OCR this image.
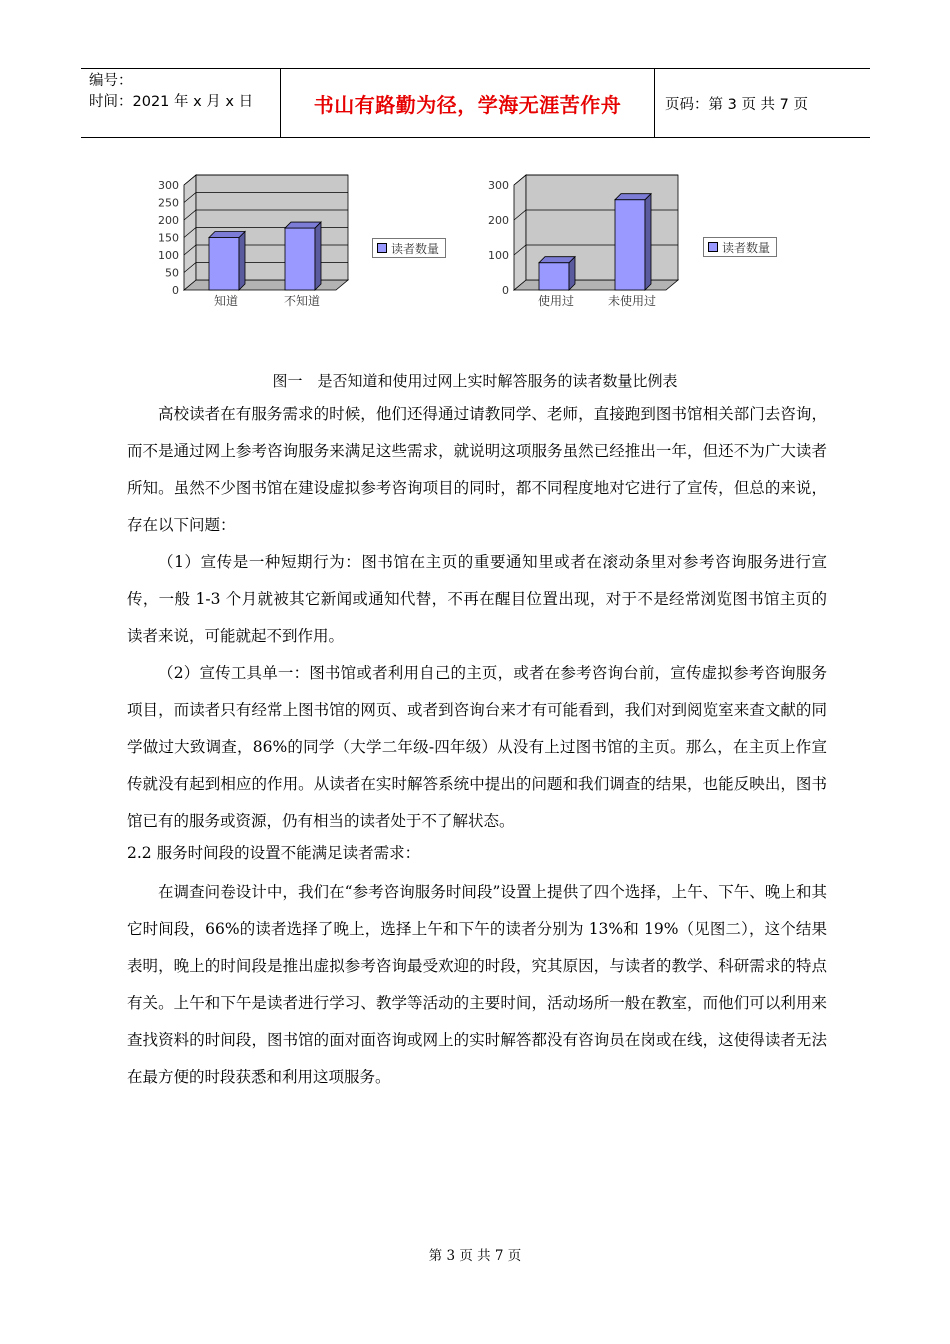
编号：
时间：2021 年 x 月 x 日	书山有路勤为径，学海无涯苦作舟	页码：第 3 页 共 7 页
0
50
100
150
200
250
300
知道	不知道
读者数量
0
100
200
300
使用过	未使用过
读者数量
图一　是否知道和使用过网上实时解答服务的读者数量比例表

高校读者在有服务需求的时候，他们还得通过请教同学、老师，直接跑到图书馆相关部门去咨询，而不是通过网上参考咨询服务来满足这些需求，就说明这项服务虽然已经推出一年，但还不为广大读者所知。虽然不少图书馆在建设虚拟参考咨询项目的同时，都不同程度地对它进行了宣传，但总的来说，存在以下问题：

（1）宣传是一种短期行为：图书馆在主页的重要通知里或者在滚动条里对参考咨询服务进行宣传，一般 1-3 个月就被其它新闻或通知代替，不再在醒目位置出现，对于不是经常浏览图书馆主页的读者来说，可能就起不到作用。

（2）宣传工具单一：图书馆或者利用自己的主页，或者在参考咨询台前，宣传虚拟参考咨询服务项目，而读者只有经常上图书馆的网页、或者到咨询台来才有可能看到，我们对到阅览室来查文献的同学做过大致调查，86%的同学（大学二年级-四年级）从没有上过图书馆的主页。那么，在主页上作宣传就没有起到相应的作用。从读者在实时解答系统中提出的问题和我们调查的结果，也能反映出，图书馆已有的服务或资源，仍有相当的读者处于不了解状态。

2.2 服务时间段的设置不能满足读者需求：

在调查问卷设计中，我们在“参考咨询服务时间段”设置上提供了四个选择，上午、下午、晚上和其它时间段，66%的读者选择了晚上，选择上午和下午的读者分别为 13%和 19%（见图二），这个结果表明，晚上的时间段是推出虚拟参考咨询最受欢迎的时段，究其原因，与读者的教学、科研需求的特点有关。上午和下午是读者进行学习、教学等活动的主要时间，活动场所一般在教室，而他们可以利用来查找资料的时间段，图书馆的面对面咨询或网上的实时解答都没有咨询员在岗或在线，这使得读者无法在最方便的时段获悉和利用这项服务。

第 3 页 共 7 页
